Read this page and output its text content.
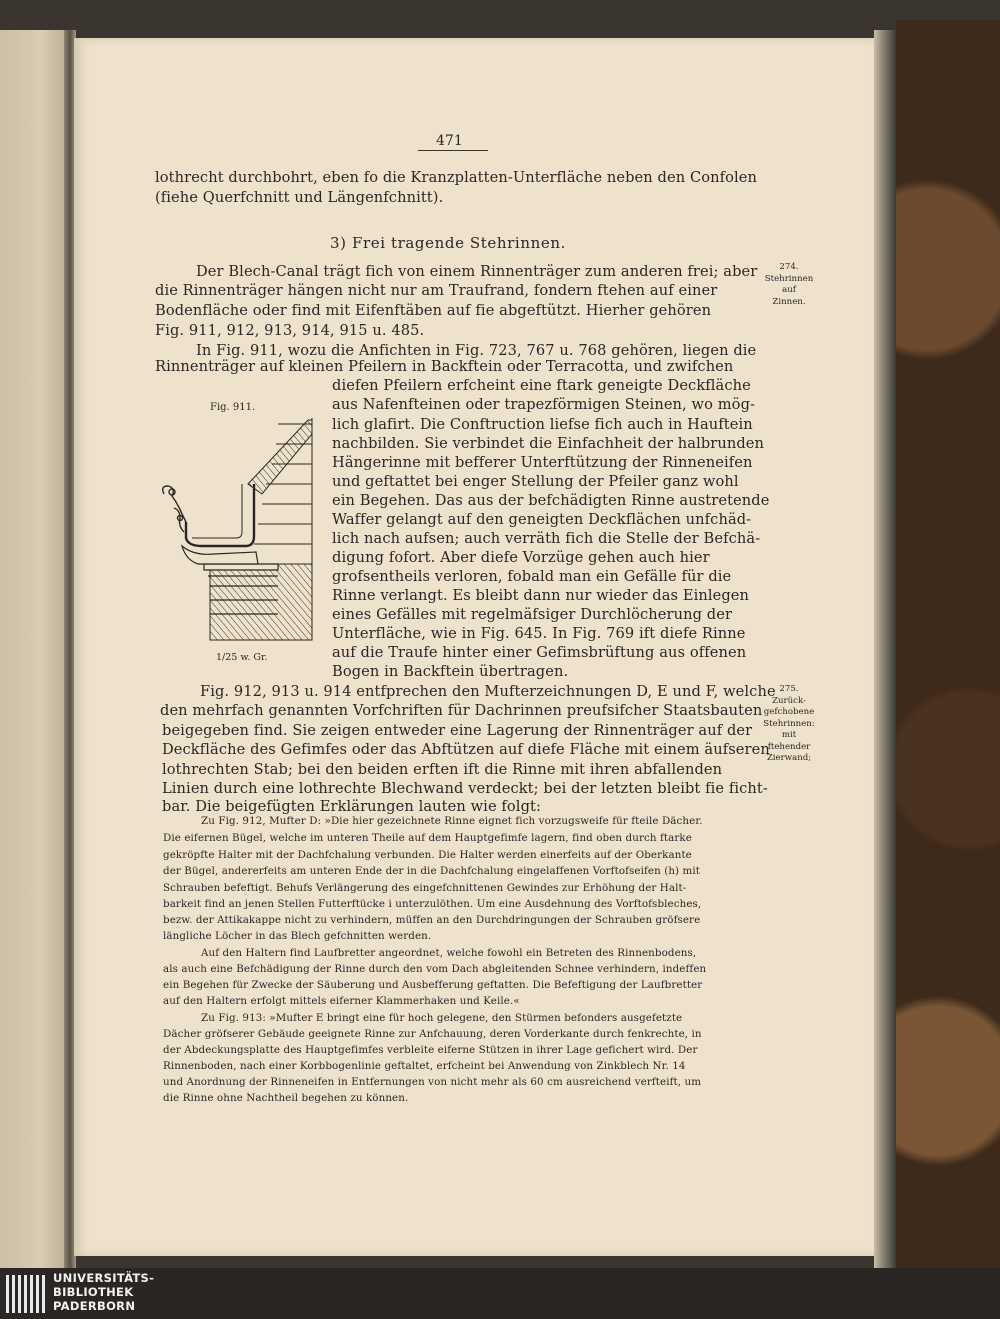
471
lothrecht durchbohrt, eben fo die Kranzplatten-Unterfläche neben den Confolen
(fiehe Querfchnitt und Längenfchnitt).
3) Frei tragende Stehrinnen.
Der Blech-Canal trägt fich von einem Rinnenträger zum anderen frei; aber
die Rinnenträger hängen nicht nur am Traufrand, fondern ftehen auf einer
Bodenfläche oder find mit Eifenftäben auf fie abgeftützt. Hierher gehören
Fig. 911, 912, 913, 914, 915 u. 485.
In Fig. 911, wozu die Anfichten in Fig. 723, 767 u. 768 gehören, liegen die
Rinnenträger auf kleinen Pfeilern in Backftein oder Terracotta, und zwifchen
diefen Pfeilern erfcheint eine ftark geneigte Deckfläche
aus Nafenfteinen oder trapezförmigen Steinen, wo mög-
lich glafirt. Die Conftruction liefse fich auch in Hauftein
nachbilden. Sie verbindet die Einfachheit der halbrunden
Hängerinne mit befferer Unterftützung der Rinneneifen
und geftattet bei enger Stellung der Pfeiler ganz wohl
ein Begehen. Das aus der befchädigten Rinne austretende
Waffer gelangt auf den geneigten Deckflächen unfchäd-
lich nach aufsen; auch verräth fich die Stelle der Befchä-
digung fofort. Aber diefe Vorzüge gehen auch hier
grofsentheils verloren, fobald man ein Gefälle für die
Rinne verlangt. Es bleibt dann nur wieder das Einlegen
eines Gefälles mit regelmäfsiger Durchlöcherung der
Unterfläche, wie in Fig. 645. In Fig. 769 ift diefe Rinne
auf die Traufe hinter einer Gefimsbrüftung aus offenen
Bogen in Backftein übertragen.
Fig. 912, 913 u. 914 entfprechen den Mufterzeichnungen D, E und F, welche
den mehrfach genannten Vorfchriften für Dachrinnen preufsifcher Staatsbauten
beigegeben find. Sie zeigen entweder eine Lagerung der Rinnenträger auf der
Deckfläche des Gefimfes oder das Abftützen auf diefe Fläche mit einem äufseren
lothrechten Stab; bei den beiden erften ift die Rinne mit ihren abfallenden
Linien durch eine lothrechte Blechwand verdeckt; bei der letzten bleibt fie ficht-
bar. Die beigefügten Erklärungen lauten wie folgt:
Zu Fig. 912, Mufter D: »Die hier gezeichnete Rinne eignet fich vorzugsweife für fteile Dächer.
Die eifernen Bügel, welche im unteren Theile auf dem Hauptgefimfe lagern, find oben durch ftarke
gekröpfte Halter mit der Dachfchalung verbunden. Die Halter werden einerfeits auf der Oberkante
der Bügel, andererfeits am unteren Ende der in die Dachfchalung eingelaffenen Vorftofseifen (h) mit
Schrauben befeftigt. Behufs Verlängerung des eingefchnittenen Gewindes zur Erhöhung der Halt-
barkeit find an jenen Stellen Futterftücke i unterzulöthen. Um eine Ausdehnung des Vorftofsbleches,
bezw. der Attikakappe nicht zu verhindern, müffen an den Durchdringungen der Schrauben gröfsere
längliche Löcher in das Blech gefchnitten werden.
Auf den Haltern find Laufbretter angeordnet, welche fowohl ein Betreten des Rinnenbodens,
als auch eine Befchädigung der Rinne durch den vom Dach abgleitenden Schnee verhindern, indeffen
ein Begehen für Zwecke der Säuberung und Ausbefferung geftatten. Die Befeftigung der Laufbretter
auf den Haltern erfolgt mittels eiferner Klammerhaken und Keile.«
Zu Fig. 913: »Mufter E bringt eine für hoch gelegene, den Stürmen befonders ausgefetzte
Dächer gröfserer Gebäude geeignete Rinne zur Anfchauung, deren Vorderkante durch fenkrechte, in
der Abdeckungsplatte des Hauptgefimfes verbleite eiferne Stützen in ihrer Lage gefichert wird. Der
Rinnenboden, nach einer Korbbogenlinie geftaltet, erfcheint bei Anwendung von Zinkblech Nr. 14
und Anordnung der Rinneneifen in Entfernungen von nicht mehr als 60 cm ausreichend verfteift, um
die Rinne ohne Nachtheil begehen zu können.
274.
Stehrinnen
auf
Zinnen.
275.
Zurück-
gefchobene
Stehrinnen:
mit
ftehender
Zierwand;
Fig. 911.
1/25 w. Gr.
UNIVERSITÄTS-
BIBLIOTHEK
PADERBORN
